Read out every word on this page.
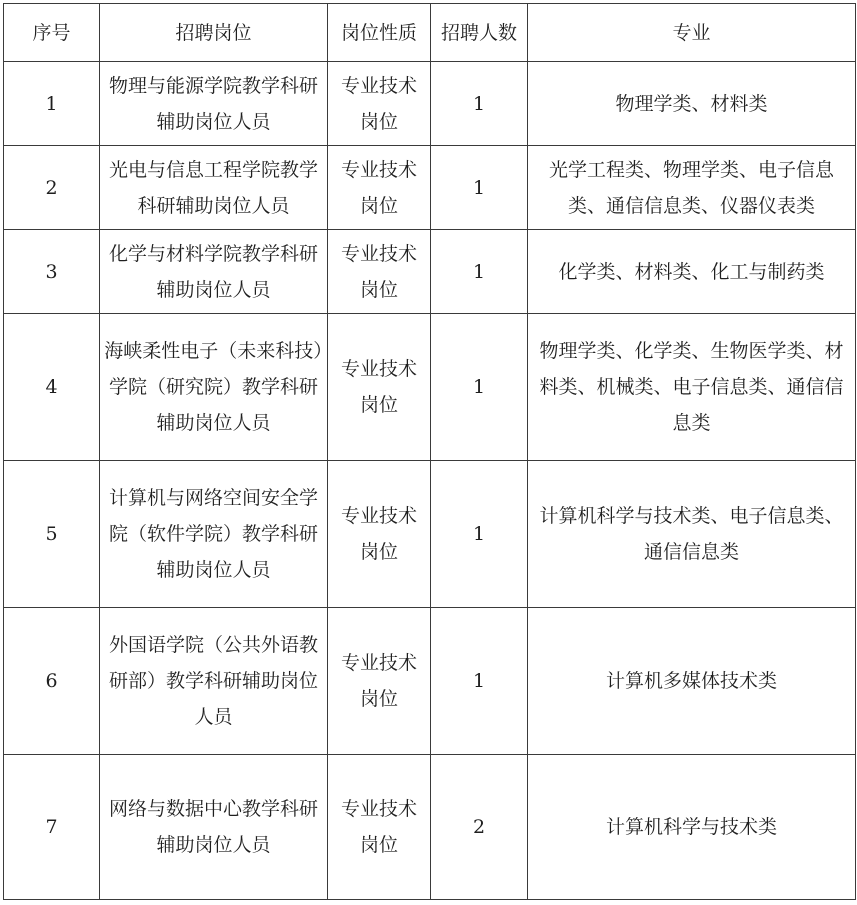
序号	招聘岗位	岗位性质	招聘人数	专业
1	物理与能源学院教学科研辅助岗位人员	专业技术岗位	1	物理学类、材料类
2	光电与信息工程学院教学科研辅助岗位人员	专业技术岗位	1	光学工程类、物理学类、电子信息类、通信信息类、仪器仪表类
3	化学与材料学院教学科研辅助岗位人员	专业技术岗位	1	化学类、材料类、化工与制药类
4	海峡柔性电子（未来科技）学院（研究院）教学科研辅助岗位人员	专业技术岗位	1	物理学类、化学类、生物医学类、材料类、机械类、电子信息类、通信信息类
5	计算机与网络空间安全学院（软件学院）教学科研辅助岗位人员	专业技术岗位	1	计算机科学与技术类、电子信息类、通信信息类
6	外国语学院（公共外语教研部）教学科研辅助岗位人员	专业技术岗位	1	计算机多媒体技术类
7	网络与数据中心教学科研辅助岗位人员	专业技术岗位	2	计算机科学与技术类
